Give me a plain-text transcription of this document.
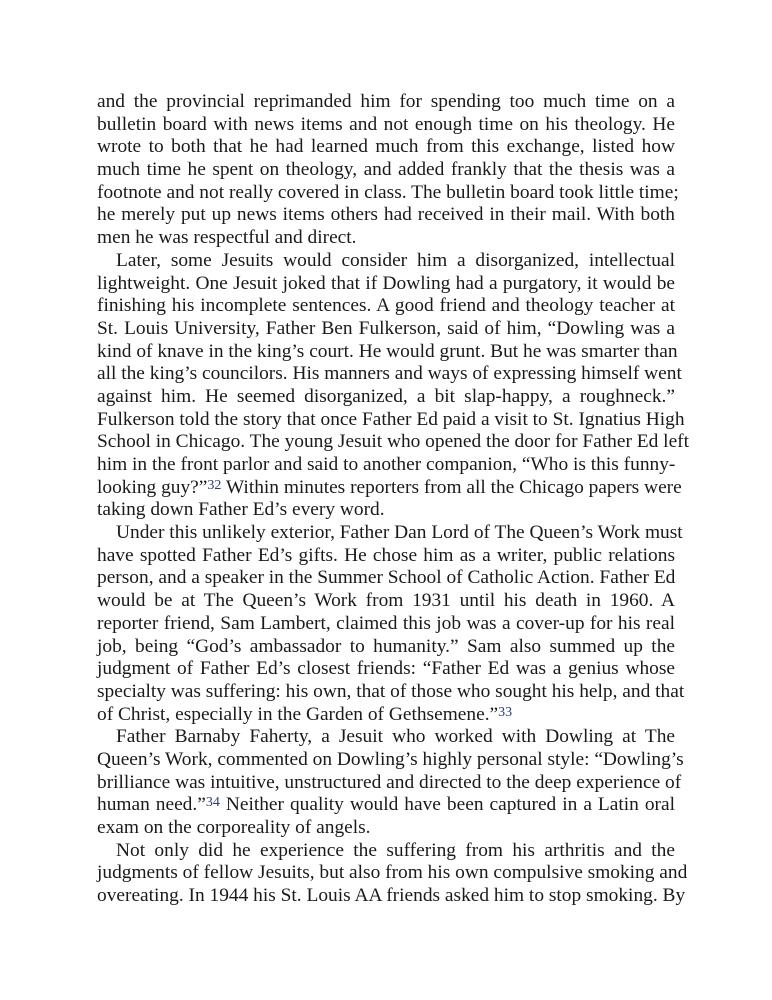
and the provincial reprimanded him for spending too much time on a
bulletin board with news items and not enough time on his theology. He
wrote to both that he had learned much from this exchange, listed how
much time he spent on theology, and added frankly that the thesis was a
footnote and not really covered in class. The bulletin board took little time;
he merely put up news items others had received in their mail. With both
men he was respectful and direct.
Later, some Jesuits would consider him a disorganized, intellectual
lightweight. One Jesuit joked that if Dowling had a purgatory, it would be
finishing his incomplete sentences. A good friend and theology teacher at
St. Louis University, Father Ben Fulkerson, said of him, “Dowling was a
kind of knave in the king’s court. He would grunt. But he was smarter than
all the king’s councilors. His manners and ways of expressing himself went
against him. He seemed disorganized, a bit slap-happy, a roughneck.”
Fulkerson told the story that once Father Ed paid a visit to St. Ignatius High
School in Chicago. The young Jesuit who opened the door for Father Ed left
him in the front parlor and said to another companion, “Who is this funny-
looking guy?”$^{32}$ Within minutes reporters from all the Chicago papers were
taking down Father Ed’s every word.
Under this unlikely exterior, Father Dan Lord of The Queen’s Work must
have spotted Father Ed’s gifts. He chose him as a writer, public relations
person, and a speaker in the Summer School of Catholic Action. Father Ed
would be at The Queen’s Work from 1931 until his death in 1960. A
reporter friend, Sam Lambert, claimed this job was a cover-up for his real
job, being “God’s ambassador to humanity.” Sam also summed up the
judgment of Father Ed’s closest friends: “Father Ed was a genius whose
specialty was suffering: his own, that of those who sought his help, and that
of Christ, especially in the Garden of Gethsemene.”$^{33}$
Father Barnaby Faherty, a Jesuit who worked with Dowling at The
Queen’s Work, commented on Dowling’s highly personal style: “Dowling’s
brilliance was intuitive, unstructured and directed to the deep experience of
human need.”$^{34}$ Neither quality would have been captured in a Latin oral
exam on the corporeality of angels.
Not only did he experience the suffering from his arthritis and the
judgments of fellow Jesuits, but also from his own compulsive smoking and
overeating. In 1944 his St. Louis AA friends asked him to stop smoking. By
